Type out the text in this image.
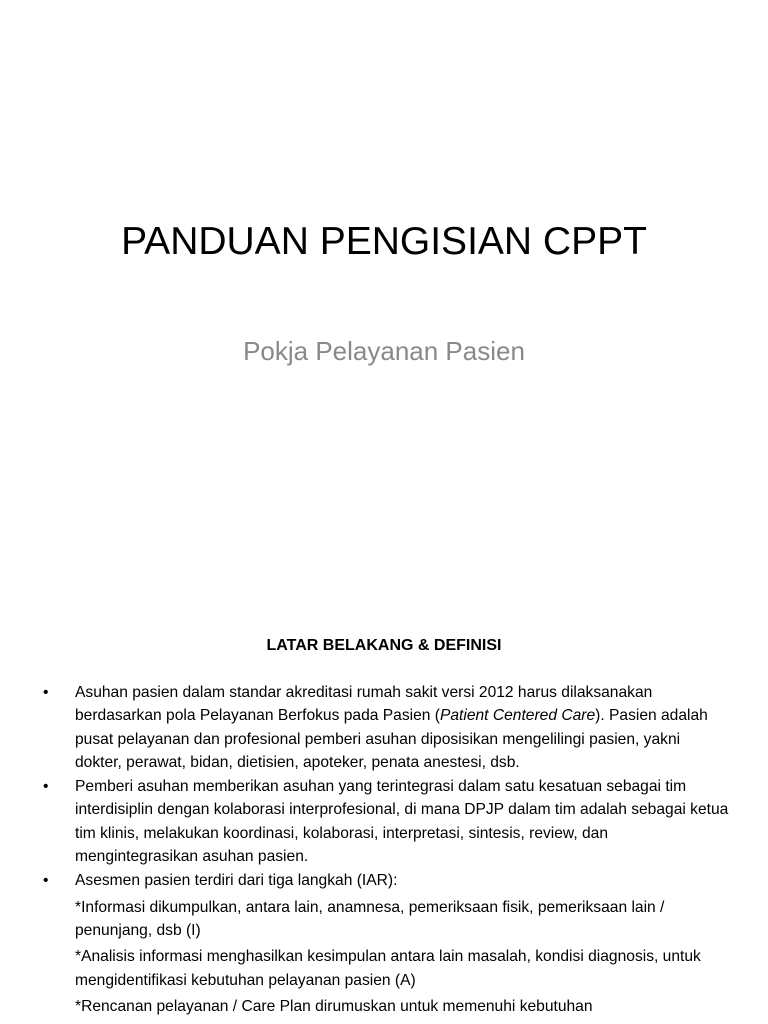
PANDUAN PENGISIAN CPPT
Pokja Pelayanan Pasien
LATAR BELAKANG & DEFINISI
• Asuhan pasien dalam standar akreditasi rumah sakit versi 2012 harus dilaksanakan berdasarkan pola Pelayanan Berfokus pada Pasien (Patient Centered Care). Pasien adalah pusat pelayanan dan profesional pemberi asuhan diposisikan mengelilingi pasien, yakni dokter, perawat, bidan, dietisien, apoteker, penata anestesi, dsb.
• Pemberi asuhan memberikan asuhan yang terintegrasi dalam satu kesatuan sebagai tim interdisiplin dengan kolaborasi interprofesional, di mana DPJP dalam tim adalah sebagai ketua tim klinis, melakukan koordinasi, kolaborasi, interpretasi, sintesis, review, dan mengintegrasikan asuhan pasien.
• Asesmen pasien terdiri dari tiga langkah (IAR):
*Informasi dikumpulkan, antara lain, anamnesa, pemeriksaan fisik, pemeriksaan lain / penunjang, dsb (I)
*Analisis informasi menghasilkan kesimpulan antara lain masalah, kondisi diagnosis, untuk mengidentifikasi kebutuhan pelayanan pasien (A)
*Rencanan pelayanan / Care Plan dirumuskan untuk memenuhi kebutuhan
